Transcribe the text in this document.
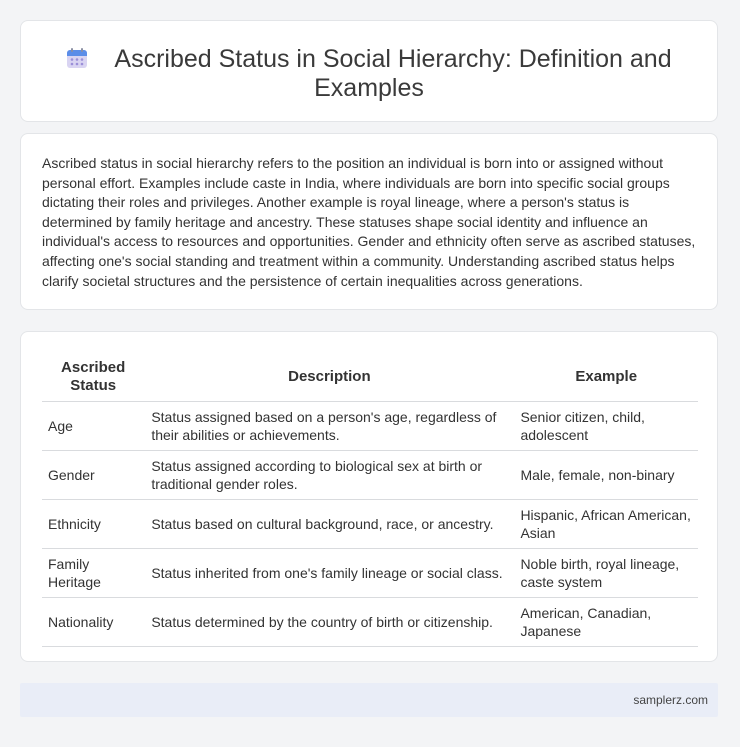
Ascribed Status in Social Hierarchy: Definition and Examples
Ascribed status in social hierarchy refers to the position an individual is born into or assigned without personal effort. Examples include caste in India, where individuals are born into specific social groups dictating their roles and privileges. Another example is royal lineage, where a person's status is determined by family heritage and ancestry. These statuses shape social identity and influence an individual's access to resources and opportunities. Gender and ethnicity often serve as ascribed statuses, affecting one's social standing and treatment within a community. Understanding ascribed status helps clarify societal structures and the persistence of certain inequalities across generations.
Ascribed Status	Description	Example
Age	Status assigned based on a person's age, regardless of their abilities or achievements.	Senior citizen, child, adolescent
Gender	Status assigned according to biological sex at birth or traditional gender roles.	Male, female, non-binary
Ethnicity	Status based on cultural background, race, or ancestry.	Hispanic, African American, Asian
Family Heritage	Status inherited from one's family lineage or social class.	Noble birth, royal lineage, caste system
Nationality	Status determined by the country of birth or citizenship.	American, Canadian, Japanese
samplerz.com
